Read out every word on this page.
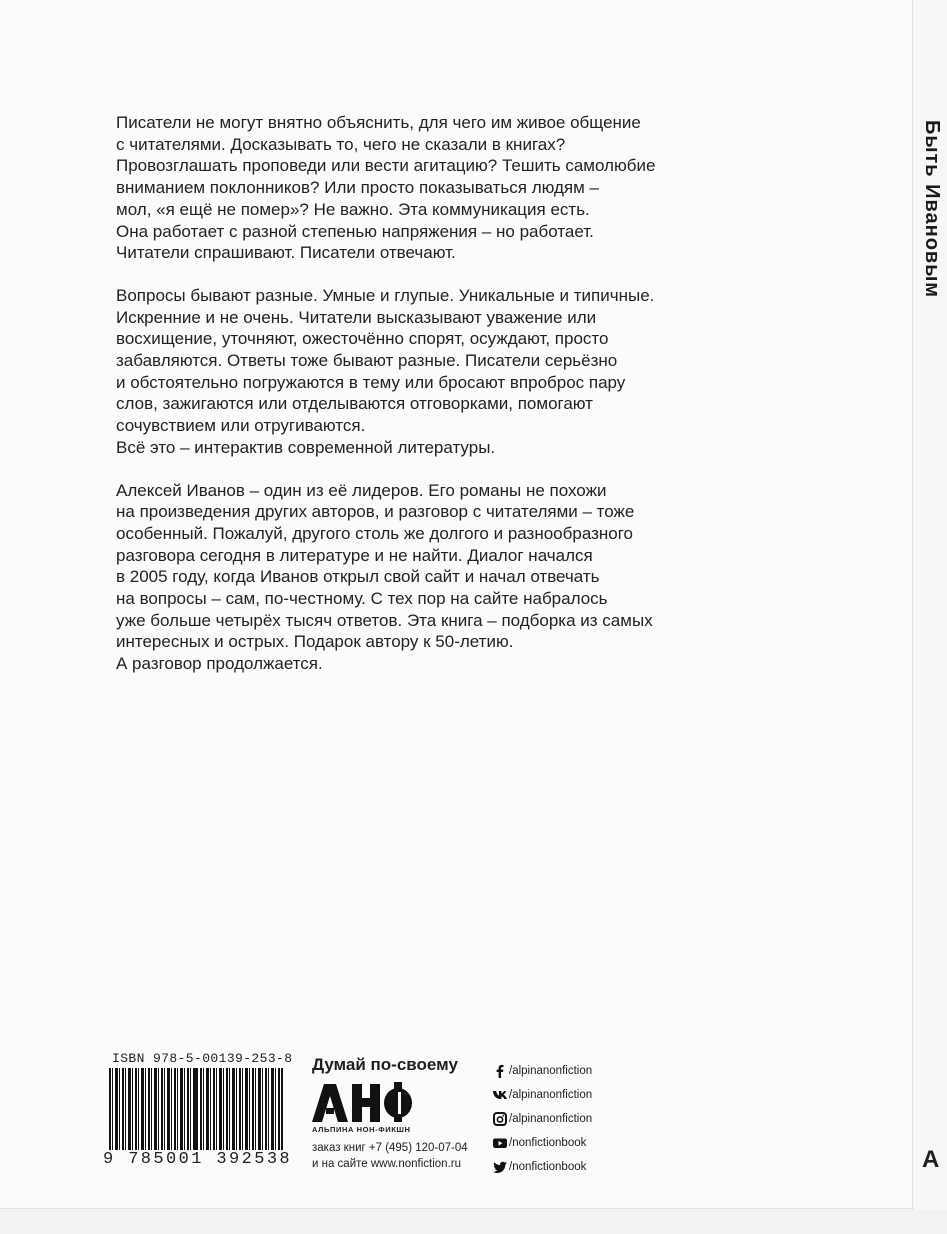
Быть Ивановым
А

Писатели не могут внятно объяснить, для чего им живое общение
с читателями. Досказывать то, чего не сказали в книгах?
Провозглашать проповеди или вести агитацию? Тешить самолюбие
вниманием поклонников? Или просто показываться людям –
мол, «я ещё не помер»? Не важно. Эта коммуникация есть.
Она работает с разной степенью напряжения – но работает.
Читатели спрашивают. Писатели отвечают.

Вопросы бывают разные. Умные и глупые. Уникальные и типичные.
Искренние и не очень. Читатели высказывают уважение или
восхищение, уточняют, ожесточённо спорят, осуждают, просто
забавляются. Ответы тоже бывают разные. Писатели серьёзно
и обстоятельно погружаются в тему или бросают впроброс пару
слов, зажигаются или отделываются отговорками, помогают
сочувствием или отругиваются.
Всё это – интерактив современной литературы.

Алексей Иванов – один из её лидеров. Его романы не похожи
на произведения других авторов, и разговор с читателями – тоже
особенный. Пожалуй, другого столь же долгого и разнообразного
разговора сегодня в литературе и не найти. Диалог начался
в 2005 году, когда Иванов открыл свой сайт и начал отвечать
на вопросы – сам, по-честному. С тех пор на сайте набралось
уже больше четырёх тысяч ответов. Эта книга – подборка из самых
интересных и острых. Подарок автору к 50-летию.
А разговор продолжается.

ISBN 978-5-00139-253-8
9 785001 392538
Думай по-своему
АЛЬПИНА НОН-ФИКШН
заказ книг +7 (495) 120-07-04
и на сайте www.nonfiction.ru
/alpinanonfiction
/alpinanonfiction
/alpinanonfiction
/nonfictionbook
/nonfictionbook
